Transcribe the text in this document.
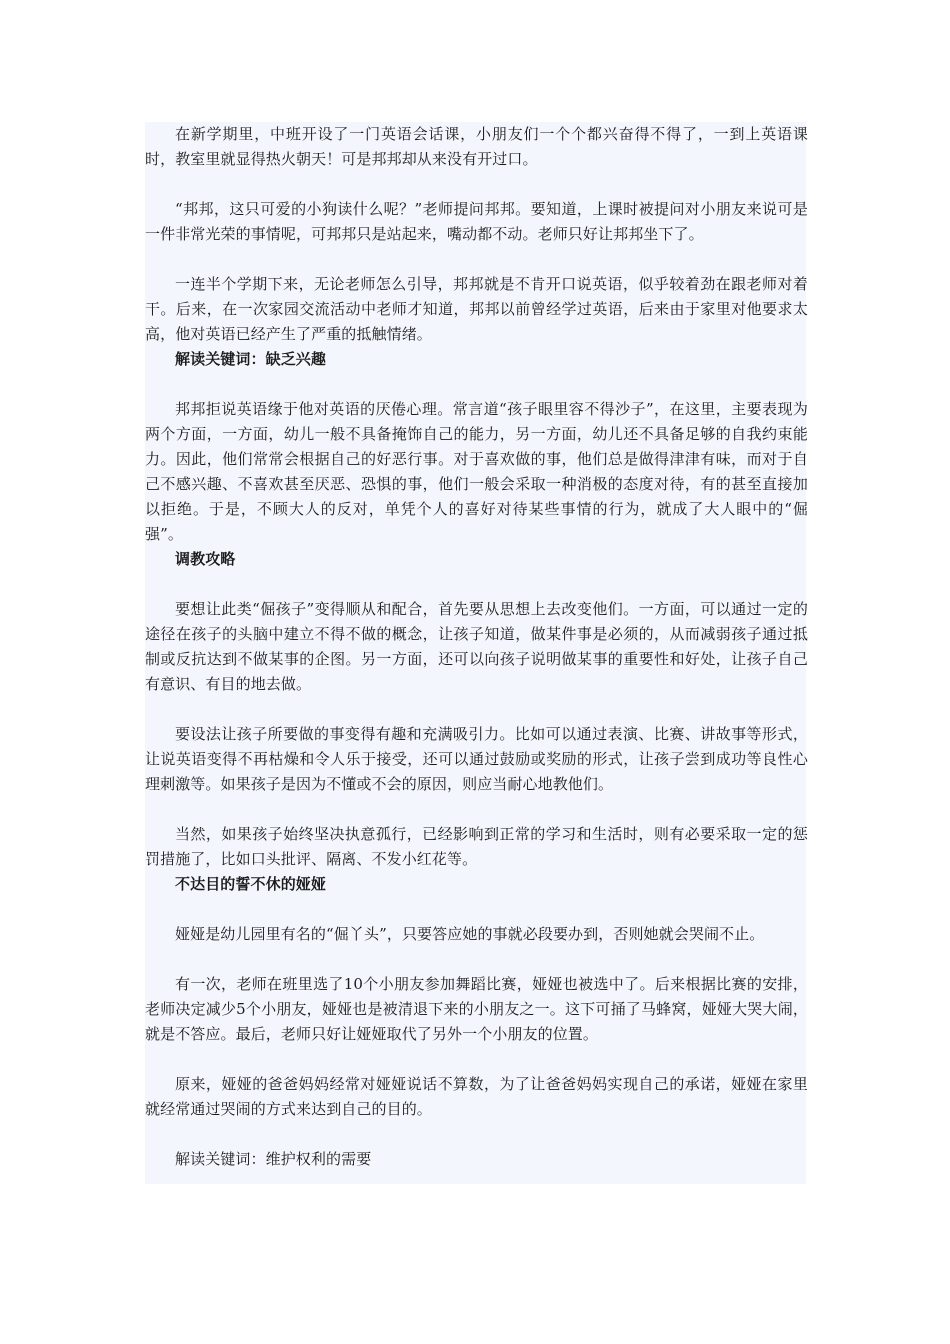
在新学期里，中班开设了一门英语会话课，小朋友们一个个都兴奋得不得了，一到上英语课时，教室里就显得热火朝天！可是邦邦却从来没有开过口。

“邦邦，这只可爱的小狗读什么呢？”老师提问邦邦。要知道，上课时被提问对小朋友来说可是一件非常光荣的事情呢，可邦邦只是站起来，嘴动都不动。老师只好让邦邦坐下了。

一连半个学期下来，无论老师怎么引导，邦邦就是不肯开口说英语，似乎较着劲在跟老师对着干。后来，在一次家园交流活动中老师才知道，邦邦以前曾经学过英语，后来由于家里对他要求太高，他对英语已经产生了严重的抵触情绪。

解读关键词：缺乏兴趣

邦邦拒说英语缘于他对英语的厌倦心理。常言道“孩子眼里容不得沙子”，在这里，主要表现为两个方面，一方面，幼儿一般不具备掩饰自己的能力，另一方面，幼儿还不具备足够的自我约束能力。因此，他们常常会根据自己的好恶行事。对于喜欢做的事，他们总是做得津津有味，而对于自己不感兴趣、不喜欢甚至厌恶、恐惧的事，他们一般会采取一种消极的态度对待，有的甚至直接加以拒绝。于是，不顾大人的反对，单凭个人的喜好对待某些事情的行为，就成了大人眼中的“倔强”。

调教攻略

要想让此类“倔孩子”变得顺从和配合，首先要从思想上去改变他们。一方面，可以通过一定的途径在孩子的头脑中建立不得不做的概念，让孩子知道，做某件事是必须的，从而减弱孩子通过抵制或反抗达到不做某事的企图。另一方面，还可以向孩子说明做某事的重要性和好处，让孩子自己有意识、有目的地去做。

要设法让孩子所要做的事变得有趣和充满吸引力。比如可以通过表演、比赛、讲故事等形式，让说英语变得不再枯燥和令人乐于接受，还可以通过鼓励或奖励的形式，让孩子尝到成功等良性心理刺激等。如果孩子是因为不懂或不会的原因，则应当耐心地教他们。

当然，如果孩子始终坚决执意孤行，已经影响到正常的学习和生活时，则有必要采取一定的惩罚措施了，比如口头批评、隔离、不发小红花等。

不达目的誓不休的娅娅

娅娅是幼儿园里有名的“倔丫头”，只要答应她的事就必段要办到，否则她就会哭闹不止。

有一次，老师在班里选了10个小朋友参加舞蹈比赛，娅娅也被选中了。后来根据比赛的安排，老师决定减少5个小朋友，娅娅也是被清退下来的小朋友之一。这下可捅了马蜂窝，娅娅大哭大闹，就是不答应。最后，老师只好让娅娅取代了另外一个小朋友的位置。

原来，娅娅的爸爸妈妈经常对娅娅说话不算数，为了让爸爸妈妈实现自己的承诺，娅娅在家里就经常通过哭闹的方式来达到自己的目的。

解读关键词：维护权利的需要
